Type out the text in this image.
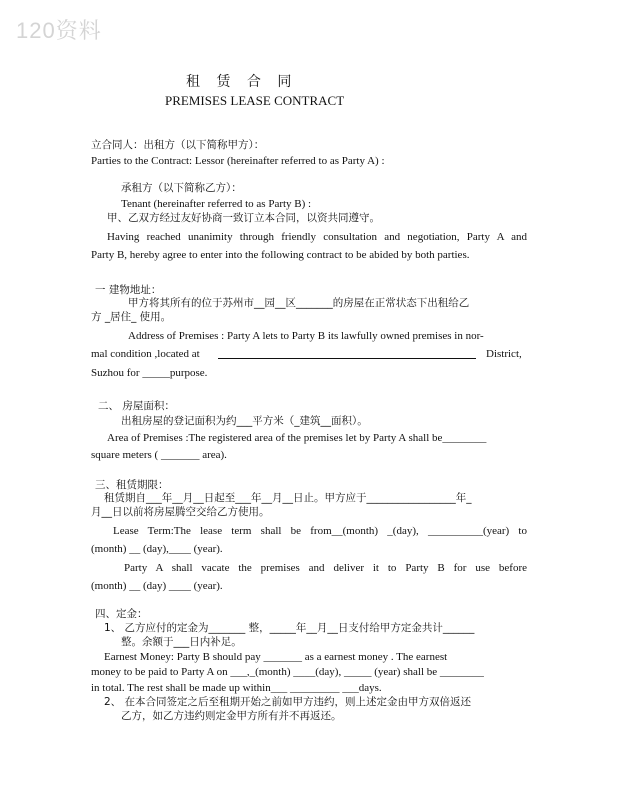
120资料
租 赁 合 同
PREMISES LEASE CONTRACT
立合同人：出租方（以下简称甲方）：
Parties to the Contract: Lessor (hereinafter referred to as Party A) :
承租方（以下简称乙方）：
Tenant (hereinafter referred to as Party B) :
甲、乙双方经过友好协商一致订立本合同，以资共同遵守。
Having reached unanimity through friendly consultation and negotiation, Party A and
Party B, hereby agree to enter into the following contract to be abided by both parties.
一 建物地址：
甲方将其所有的位于苏州市__园__区_______的房屋在正常状态下出租给乙
方 _居住_ 使用。
Address of Premises : Party A lets to Party B its lawfully owned premises in nor-
mal condition ,located at	District,
Suzhou for _____purpose.
二、 房屋面积：
出租房屋的登记面积为约___平方米（_建筑__面积）。
Area of Premises :The registered area of the premises let by Party A shall be________
square meters ( _______ area).
三、租赁期限：
租赁期自___年__月__日起至___年__月__日止。甲方应于_________________年_
月__日以前将房屋腾空交给乙方使用。
Lease Term:The lease term shall be from__(month) _(day), __________(year) to
(month) __ (day),____ (year).
Party A shall vacate the premises and deliver it to Party B for use before
(month) __ (day) ____ (year).
四、定金：
1、 乙方应付的定金为_______ 整，_____年__月__日支付给甲方定金共计______
整。余额于___日内补足。
Earnest Money: Party B should pay _______ as a earnest money . The earnest
money to be paid to Party A on ___,_(month) ____(day), _____ (year) shall be ________
in total. The rest shall be made up within___ _________ ___days.
2、 在本合同签定之后至租期开始之前如甲方违约，则上述定金由甲方双倍返还
乙方，如乙方违约则定金甲方所有并不再返还。
